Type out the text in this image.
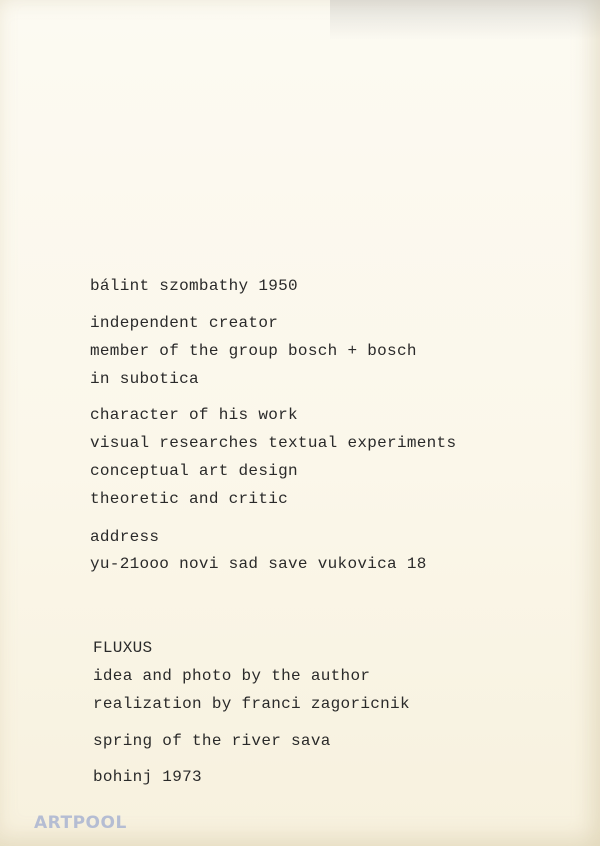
bálint szombathy 1950
independent creator
member of the group bosch + bosch
in subotica
character of his work
visual researches textual experiments
conceptual art design
theoretic and critic
address
yu-21ooo novi sad save vukovica 18
FLUXUS
idea and photo by the author
realization by franci zagoricnik
spring of the river sava
bohinj 1973
ARTPOOL
